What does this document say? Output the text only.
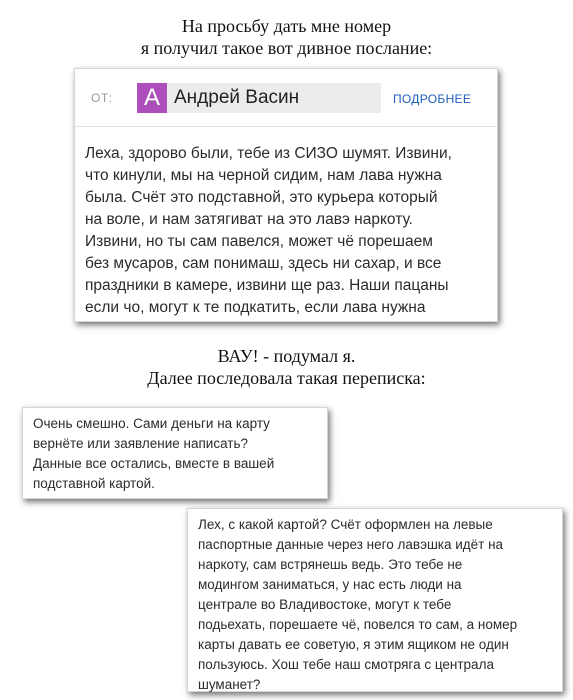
На просьбу дать мне номер
я получил такое вот дивное послание:
ОТ: А Андрей Васин	ПОДРОБНЕЕ
Леха, здорово были, тебе из СИЗО шумят. Извини,
что кинули, мы на черной сидим, нам лава нужна
была. Счёт это подставной, это курьера который
на воле, и нам затягиват на это лавэ наркоту.
Извини, но ты сам павелся, может чё порешаем
без мусаров, сам понимаш, здесь ни сахар, и все
праздники в камере, извини ще раз. Наши пацаны
если чо, могут к те подкатить, если лава нужна
ВАУ! - подумал я.
Далее последовала такая переписка:
Очень смешно. Сами деньги на карту
вернёте или заявление написать?
Данные все остались, вместе в вашей
подставной картой.
Лех, с какой картой? Счёт оформлен на левые
паспортные данные через него лавэшка идёт на
наркоту, сам встрянешь ведь. Это тебе не
модингом заниматься, у нас есть люди на
централе во Владивостоке, могут к тебе
подьехать, порешаете чё, повелся то сам, а номер
карты давать ее советую, я этим ящиком не один
пользуюсь. Хош тебе наш смотряга с централа
шуманет?
